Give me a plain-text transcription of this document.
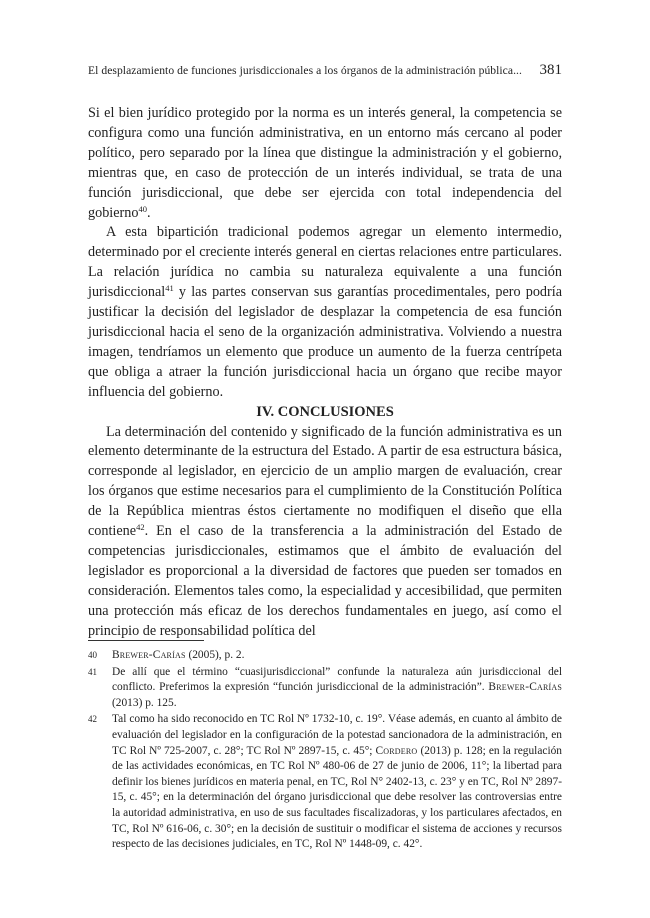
El desplazamiento de funciones jurisdiccionales a los órganos de la administración pública... 381

Si el bien jurídico protegido por la norma es un interés general, la competencia se configura como una función administrativa, en un entorno más cercano al poder político, pero separado por la línea que distingue la administración y el gobierno, mientras que, en caso de protección de un interés individual, se trata de una función jurisdiccional, que debe ser ejercida con total independencia del gobierno$^{40}$.

A esta bipartición tradicional podemos agregar un elemento intermedio, determinado por el creciente interés general en ciertas relaciones entre particulares. La relación jurídica no cambia su naturaleza equivalente a una función jurisdiccional$^{41}$ y las partes conservan sus garantías procedimentales, pero podría justificar la decisión del legislador de desplazar la competencia de esa función jurisdiccional hacia el seno de la organización administrativa. Volviendo a nuestra imagen, tendríamos un elemento que produce un aumento de la fuerza centrípeta que obliga a atraer la función jurisdiccional hacia un órgano que recibe mayor influencia del gobierno.

IV. CONCLUSIONES

La determinación del contenido y significado de la función administrativa es un elemento determinante de la estructura del Estado. A partir de esa estructura básica, corresponde al legislador, en ejercicio de un amplio margen de evaluación, crear los órganos que estime necesarios para el cumplimiento de la Constitución Política de la República mientras éstos ciertamente no modifiquen el diseño que ella contiene$^{42}$. En el caso de la transferencia a la administración del Estado de competencias jurisdiccionales, estimamos que el ámbito de evaluación del legislador es proporcional a la diversidad de factores que pueden ser tomados en consideración. Elementos tales como, la especialidad y accesibilidad, que permiten una protección más eficaz de los derechos fundamentales en juego, así como el principio de responsabilidad política del

40	Brewer-Carías (2005), p. 2.
41	De allí que el término “cuasijurisdiccional” confunde la naturaleza aún jurisdiccional del conflicto. Preferimos la expresión “función jurisdiccional de la administración”. Brewer-Carías (2013) p. 125.
42	Tal como ha sido reconocido en TC Rol Nº 1732-10, c. 19°. Véase además, en cuanto al ámbito de evaluación del legislador en la configuración de la potestad sancionadora de la administración, en TC Rol Nº 725-2007, c. 28°; TC Rol Nº 2897-15, c. 45°; Cordero (2013) p. 128; en la regulación de las actividades económicas, en TC Rol Nº 480-06 de 27 de junio de 2006, 11°; la libertad para definir los bienes jurídicos en materia penal, en TC, Rol N° 2402-13, c. 23° y en TC, Rol Nº 2897-15, c. 45°; en la determinación del órgano jurisdiccional que debe resolver las controversias entre la autoridad administrativa, en uso de sus facultades fiscalizadoras, y los particulares afectados, en TC, Rol Nº 616-06, c. 30°; en la decisión de sustituir o modificar el sistema de acciones y recursos respecto de las decisiones judiciales, en TC, Rol Nº 1448-09, c. 42°.
